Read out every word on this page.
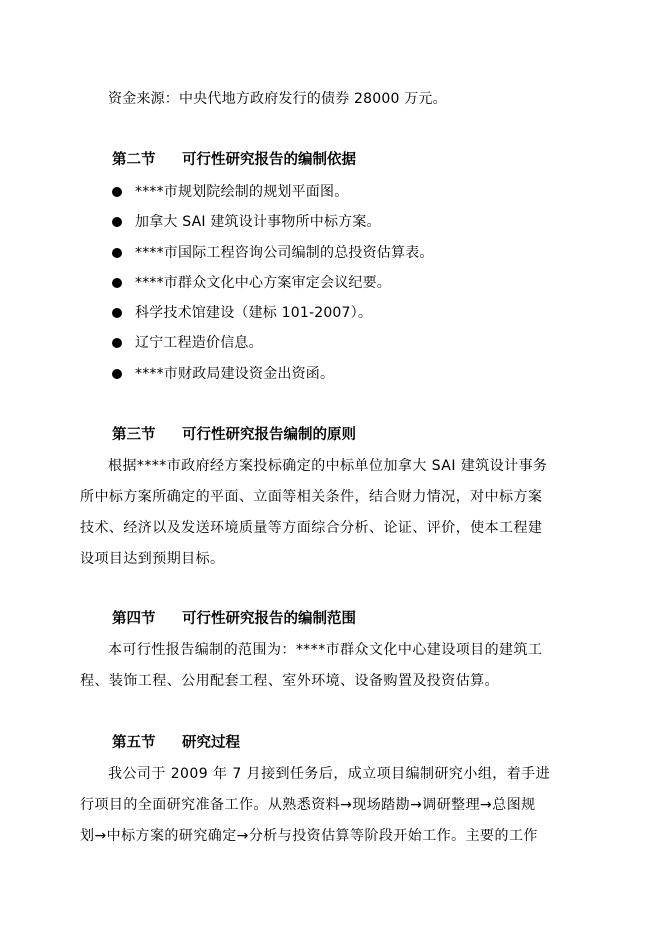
资金来源：中央代地方政府发行的债券 28000 万元。
第二节 可行性研究报告的编制依据
****市规划院绘制的规划平面图。
加拿大 SAI 建筑设计事物所中标方案。
****市国际工程咨询公司编制的总投资估算表。
****市群众文化中心方案审定会议纪要。
科学技术馆建设（建标 101-2007）。
辽宁工程造价信息。
****市财政局建设资金出资函。
第三节 可行性研究报告编制的原则
根据****市政府经方案投标确定的中标单位加拿大 SAI 建筑设计事务
所中标方案所确定的平面、立面等相关条件，结合财力情况，对中标方案
技术、经济以及发送环境质量等方面综合分析、论证、评价，使本工程建
设项目达到预期目标。
第四节 可行性研究报告的编制范围
本可行性报告编制的范围为：****市群众文化中心建设项目的建筑工
程、装饰工程、公用配套工程、室外环境、设备购置及投资估算。
第五节 研究过程
我公司于 2009 年 7 月接到任务后，成立项目编制研究小组，着手进
行项目的全面研究准备工作。从熟悉资料→现场踏勘→调研整理→总图规
划→中标方案的研究确定→分析与投资估算等阶段开始工作。主要的工作
